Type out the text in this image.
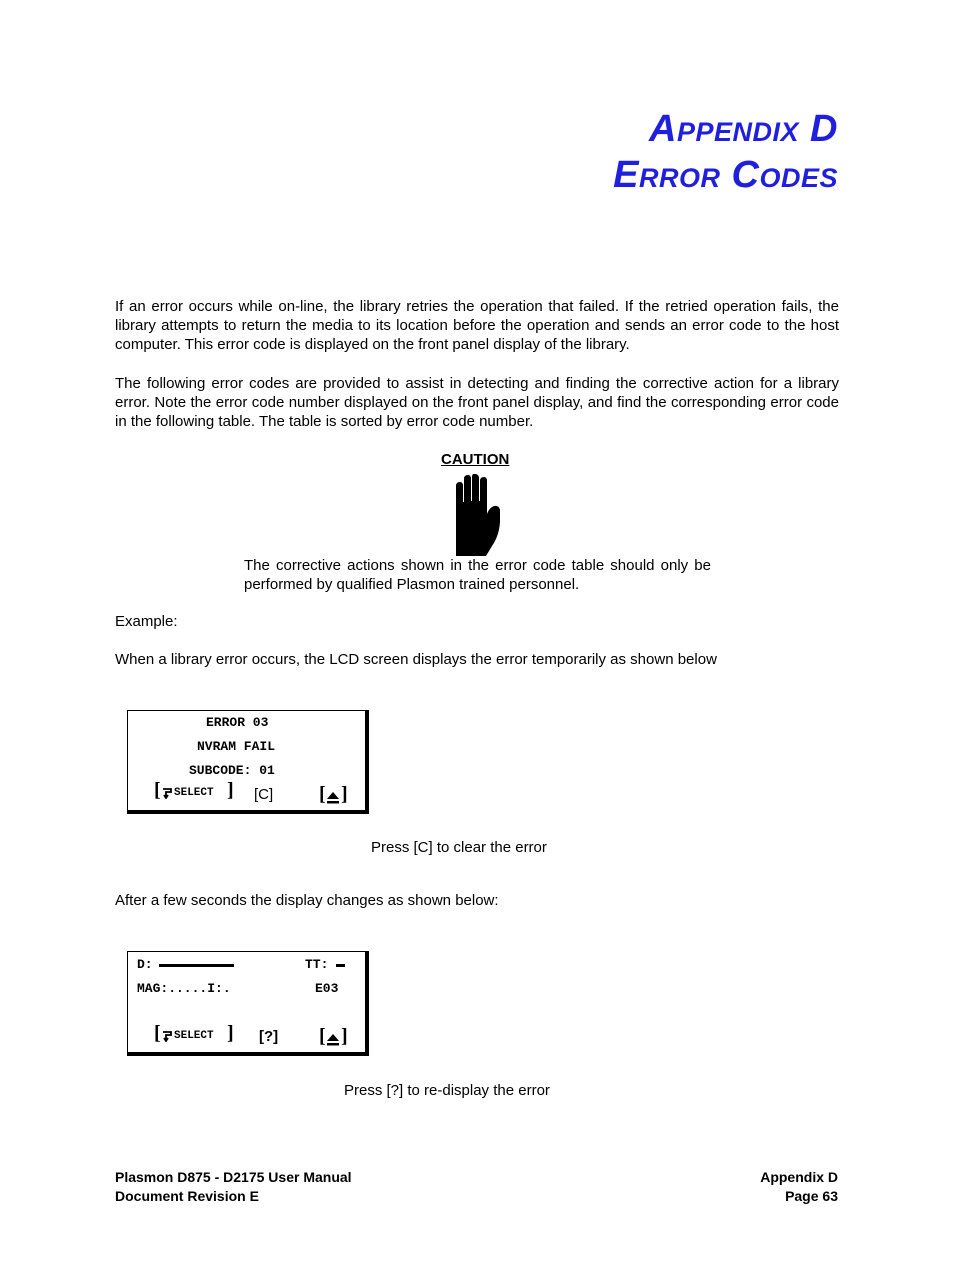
Appendix D
Error Codes
If an error occurs while on-line, the library retries the operation that failed. If the retried operation fails, the library attempts to return the media to its location before the operation and sends an error code to the host computer. This error code is displayed on the front panel display of the library.
The following error codes are provided to assist in detecting and finding the corrective action for a library error. Note the error code number displayed on the front panel display, and find the corresponding error code in the following table. The table is sorted by error code number.
CAUTION
The corrective actions shown in the error code table should only be performed by qualified Plasmon trained personnel.
Example:
When a library error occurs, the LCD screen displays the error temporarily as shown below
ERROR 03
NVRAM FAIL
SUBCODE: 01
[ SELECT ] [C] [ ]
Press [C] to clear the error
After a few seconds the display changes as shown below:
D:	TT:
MAG:.....I:.	E03
[ SELECT ] [?] [ ]
Press [?] to re-display the error
Plasmon D875 - D2175 User Manual
Document Revision E
Appendix D
Page 63
